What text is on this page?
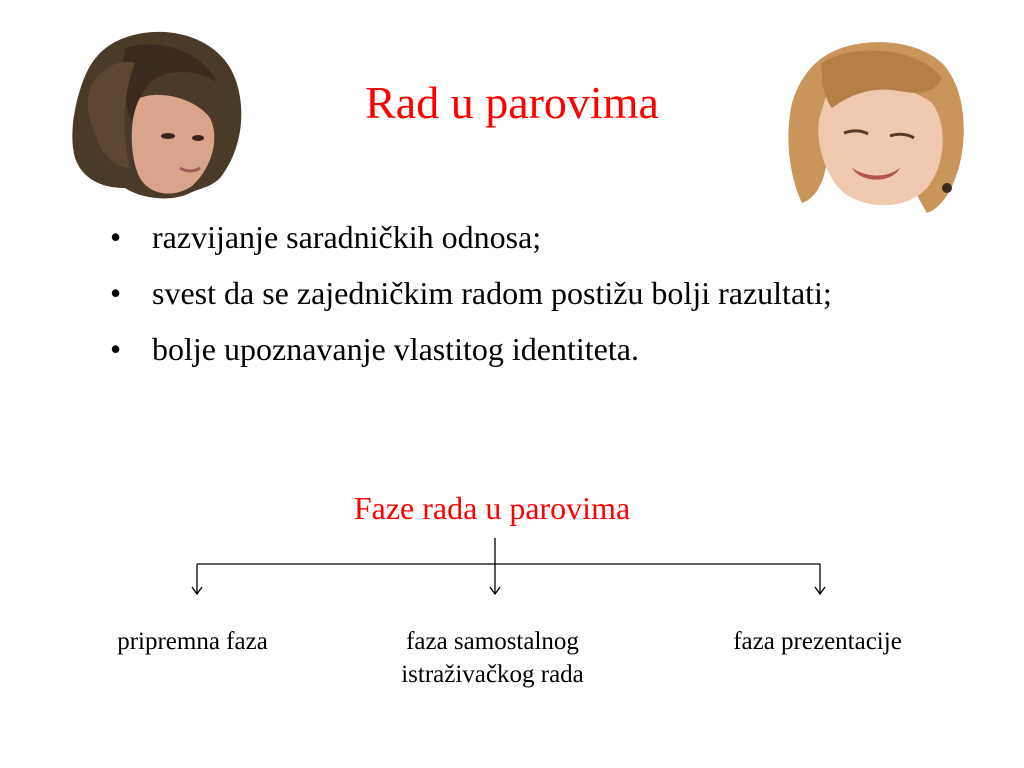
Rad u parovima
• razvijanje saradničkih odnosa;
• svest da se zajedničkim radom postižu bolji razultati;
• bolje upoznavanje vlastitog identiteta.
Faze rada u parovima
pripremna faza	faza samostalnog istraživačkog rada
faza prezentacije
